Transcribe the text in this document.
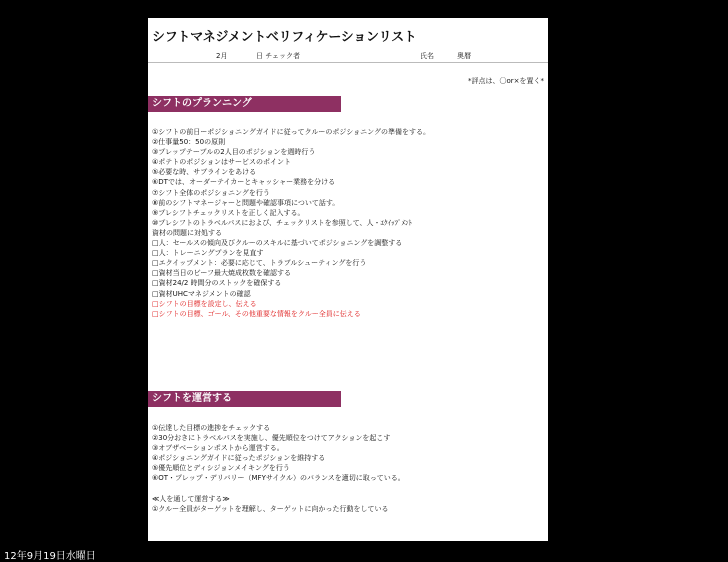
シフトマネジメントベリフィケーションリスト
2月	日 チェック者	氏名	奥暦
*評点は、〇or×を置く*
シフトのプランニング
①シフトの前日ーポジショニングガイドに従ってクルーのポジショニングの準備をする。
②仕事量50：50の原則
③プレップテーブルの2人目のポジションを週時行う
④ポテトのポジションはサービスのポイント
⑤必要な時、サブラインをあける
⑥DTでは、オーダーテイカーとキャッシャー業務を分ける
⑦シフト全体のポジショニングを行う
⑧前のシフトマネージャーと問題や確認事項について話す。
⑨プレシフトチェックリストを正しく記入する。
⑩プレシフトのトラベルパスにおよび、チェックリストを参照して、人・ｴｸｲｯﾌﾟﾒﾝﾄ
資材の問題に対処する
□人：セールスの傾向及びクルーのスキルに基づいてポジショニングを調整する
□人：トレーニングプランを見直す
□エクイップメント：必要に応じて、トラブルシューティングを行う
□資材当日のビーフ最大焼成枚数を確認する
□資材24/2 時間分のストックを確保する
□資材UHCマネジメントの確認
□シフトの目標を設定し、伝える
□シフトの目標、ゴール、その他重要な情報をクルー全員に伝える
シフトを運営する
①伝達した目標の進捗をチェックする
②30分おきにトラベルパスを実施し、優先順位をつけてアクションを起こす
③オブザベーションポストから運営する。
④ポジショニングガイドに従ったポジションを維持する
⑤優先順位とディシジョンメイキングを行う
⑥OT・プレップ・デリバリー（MFYサイクル）のバランスを適切に取っている。

≪人を通して運営する≫
①クルー全員がターゲットを理解し、ターゲットに向かった行動をしている
12年9月19日水曜日
